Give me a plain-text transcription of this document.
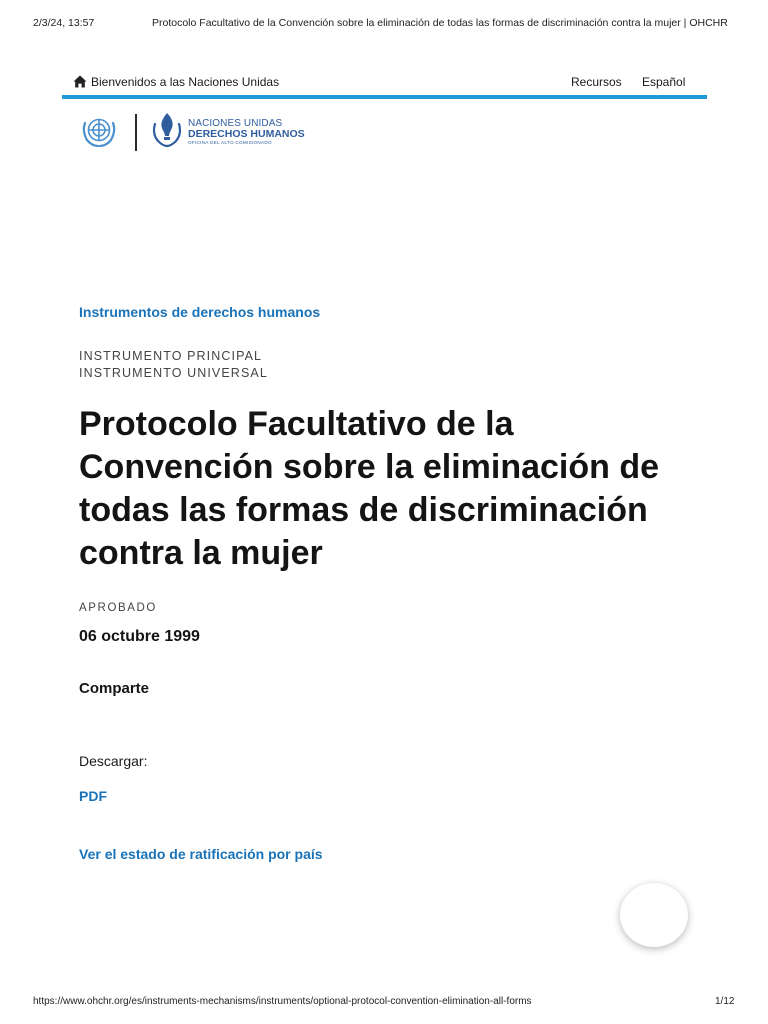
2/3/24, 13:57	Protocolo Facultativo de la Convención sobre la eliminación de todas las formas de discriminación contra la mujer | OHCHR
Bienvenidos a las Naciones Unidas	Recursos Español
NACIONES UNIDAS
DERECHOS HUMANOS
OFICINA DEL ALTO COMISIONADO
Instrumentos de derechos humanos
INSTRUMENTO PRINCIPAL
INSTRUMENTO UNIVERSAL
Protocolo Facultativo de la Convención sobre la eliminación de todas las formas de discriminación contra la mujer
APROBADO
06 octubre 1999
Comparte
Descargar:
PDF
Ver el estado de ratificación por país
https://www.ohchr.org/es/instruments-mechanisms/instruments/optional-protocol-convention-elimination-all-forms	1/12
